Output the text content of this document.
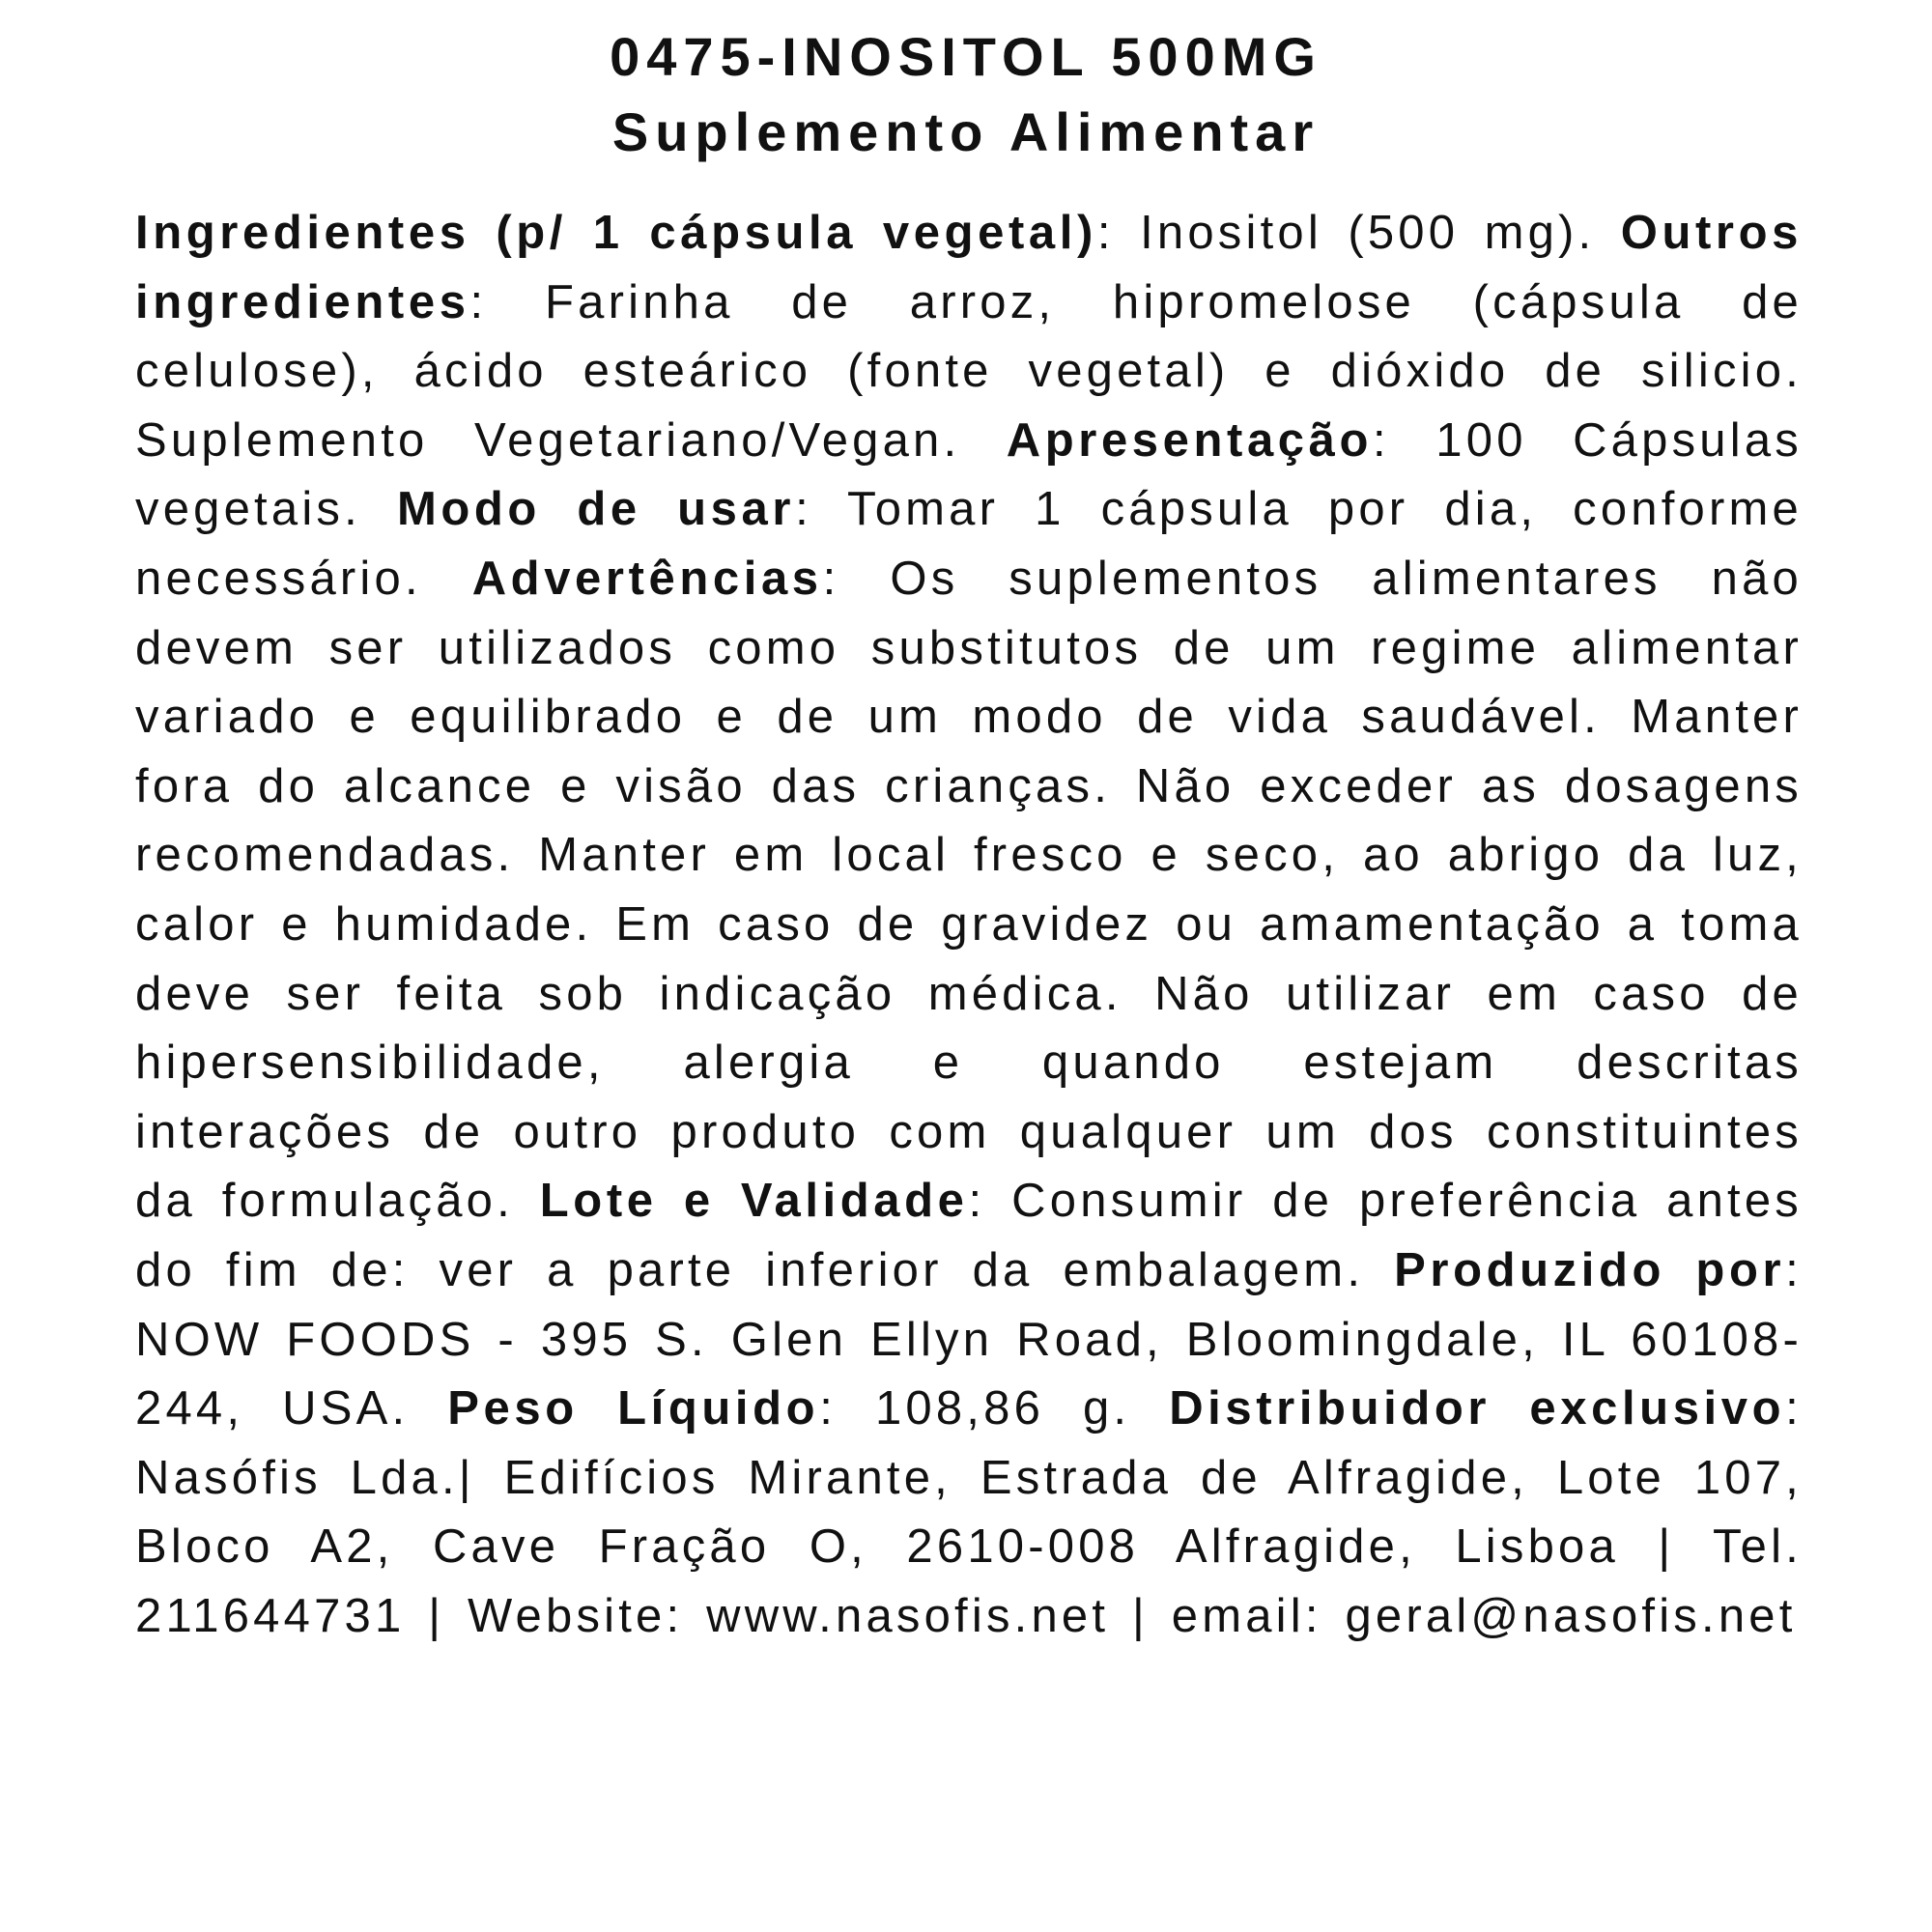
0475-INOSITOL 500MG

Suplemento Alimentar

Ingredientes (p/ 1 cápsula vegetal): Inositol (500 mg). Outros ingredientes: Farinha de arroz, hipromelose (cápsula de celulose), ácido esteárico (fonte vegetal) e dióxido de silicio. Suplemento Vegetariano/Vegan. Apresentação: 100 Cápsulas vegetais. Modo de usar: Tomar 1 cápsula por dia, conforme necessário. Advertências: Os suplementos alimentares não devem ser utilizados como substitutos de um regime alimentar variado e equilibrado e de um modo de vida saudável. Manter fora do alcance e visão das crianças. Não exceder as dosagens recomendadas. Manter em local fresco e seco, ao abrigo da luz, calor e humidade. Em caso de gravidez ou amamentação a toma deve ser feita sob indicação médica. Não utilizar em caso de hipersensibilidade, alergia e quando estejam descritas interações de outro produto com qualquer um dos constituintes da formulação. Lote e Validade: Consumir de preferência antes do fim de: ver a parte inferior da embalagem. Produzido por: NOW FOODS - 395 S. Glen Ellyn Road, Bloomingdale, IL 60108- 244, USA. Peso Líquido: 108,86 g. Distribuidor exclusivo: Nasófis Lda.| Edifícios Mirante, Estrada de Alfragide, Lote 107, Bloco A2, Cave Fração O, 2610-008 Alfragide, Lisboa | Tel. 211644731 | Website: www.nasofis.net | email: geral@nasofis.net
